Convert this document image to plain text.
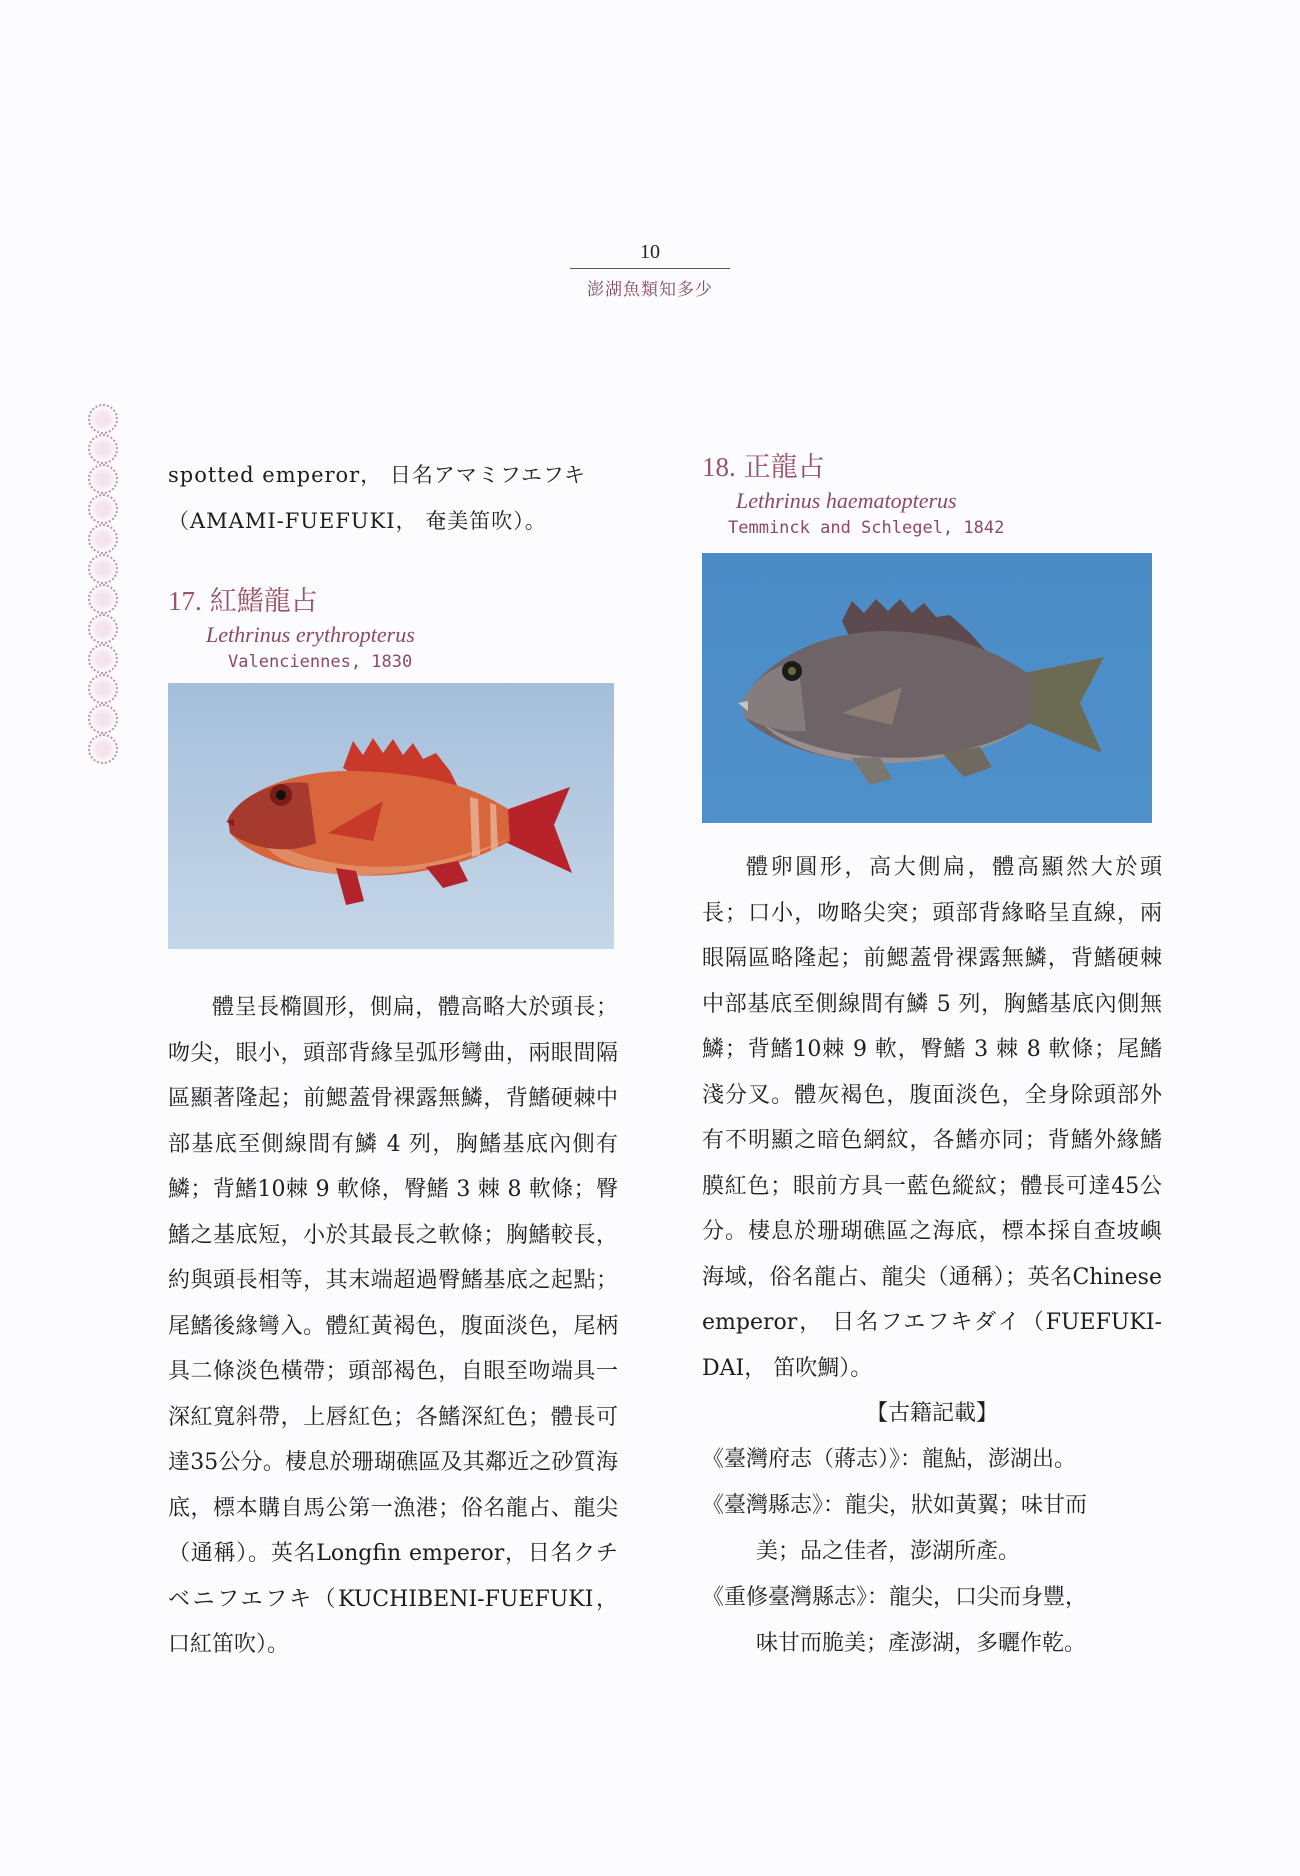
10
澎湖魚類知多少

spotted emperor， 日名アマミフエフキ

（AMAMI-FUEFUKI， 奄美笛吹）。

17. 紅鰭龍占

Lethrinus erythropterus

Valenciennes, 1830

體呈長橢圓形，側扁，體高略大於頭長；吻尖，眼小，頭部背緣呈弧形彎曲，兩眼間隔區顯著隆起；前鰓蓋骨裸露無鱗，背鰭硬棘中部基底至側線間有鱗 4 列，胸鰭基底內側有鱗；背鰭10棘 9 軟條，臀鰭 3 棘 8 軟條；臀鰭之基底短，小於其最長之軟條；胸鰭較長，約與頭長相等，其末端超過臀鰭基底之起點；尾鰭後緣彎入。體紅黃褐色，腹面淡色，尾柄具二條淡色橫帶；頭部褐色，自眼至吻端具一深紅寬斜帶，上唇紅色；各鰭深紅色；體長可達35公分。棲息於珊瑚礁區及其鄰近之砂質海底，標本購自馬公第一漁港；俗名龍占、龍尖（通稱）。英名Longfin emperor，日名クチベニフエフキ（KUCHIBENI-FUEFUKI， 口紅笛吹）。

18. 正龍占

Lethrinus haematopterus

Temminck and Schlegel, 1842

體卵圓形，高大側扁，體高顯然大於頭長；口小，吻略尖突；頭部背緣略呈直線，兩眼隔區略隆起；前鰓蓋骨裸露無鱗，背鰭硬棘中部基底至側線間有鱗 5 列，胸鰭基底內側無鱗；背鰭10棘 9 軟，臀鰭 3 棘 8 軟條；尾鰭淺分叉。體灰褐色，腹面淡色，全身除頭部外有不明顯之暗色網紋，各鰭亦同；背鰭外緣鰭膜紅色；眼前方具一藍色縱紋；體長可達45公分。棲息於珊瑚礁區之海底，標本採自查坡嶼海域，俗名龍占、龍尖（通稱）；英名Chinese emperor， 日名フエフキダイ（FUEFUKI-DAI， 笛吹鯛）。

【古籍記載】

《臺灣府志（蔣志）》：龍鮎，澎湖出。

《臺灣縣志》：龍尖，狀如黃翼；味甘而

美；品之佳者，澎湖所產。

《重修臺灣縣志》：龍尖，口尖而身豐，

味甘而脆美；產澎湖，多曬作乾。
